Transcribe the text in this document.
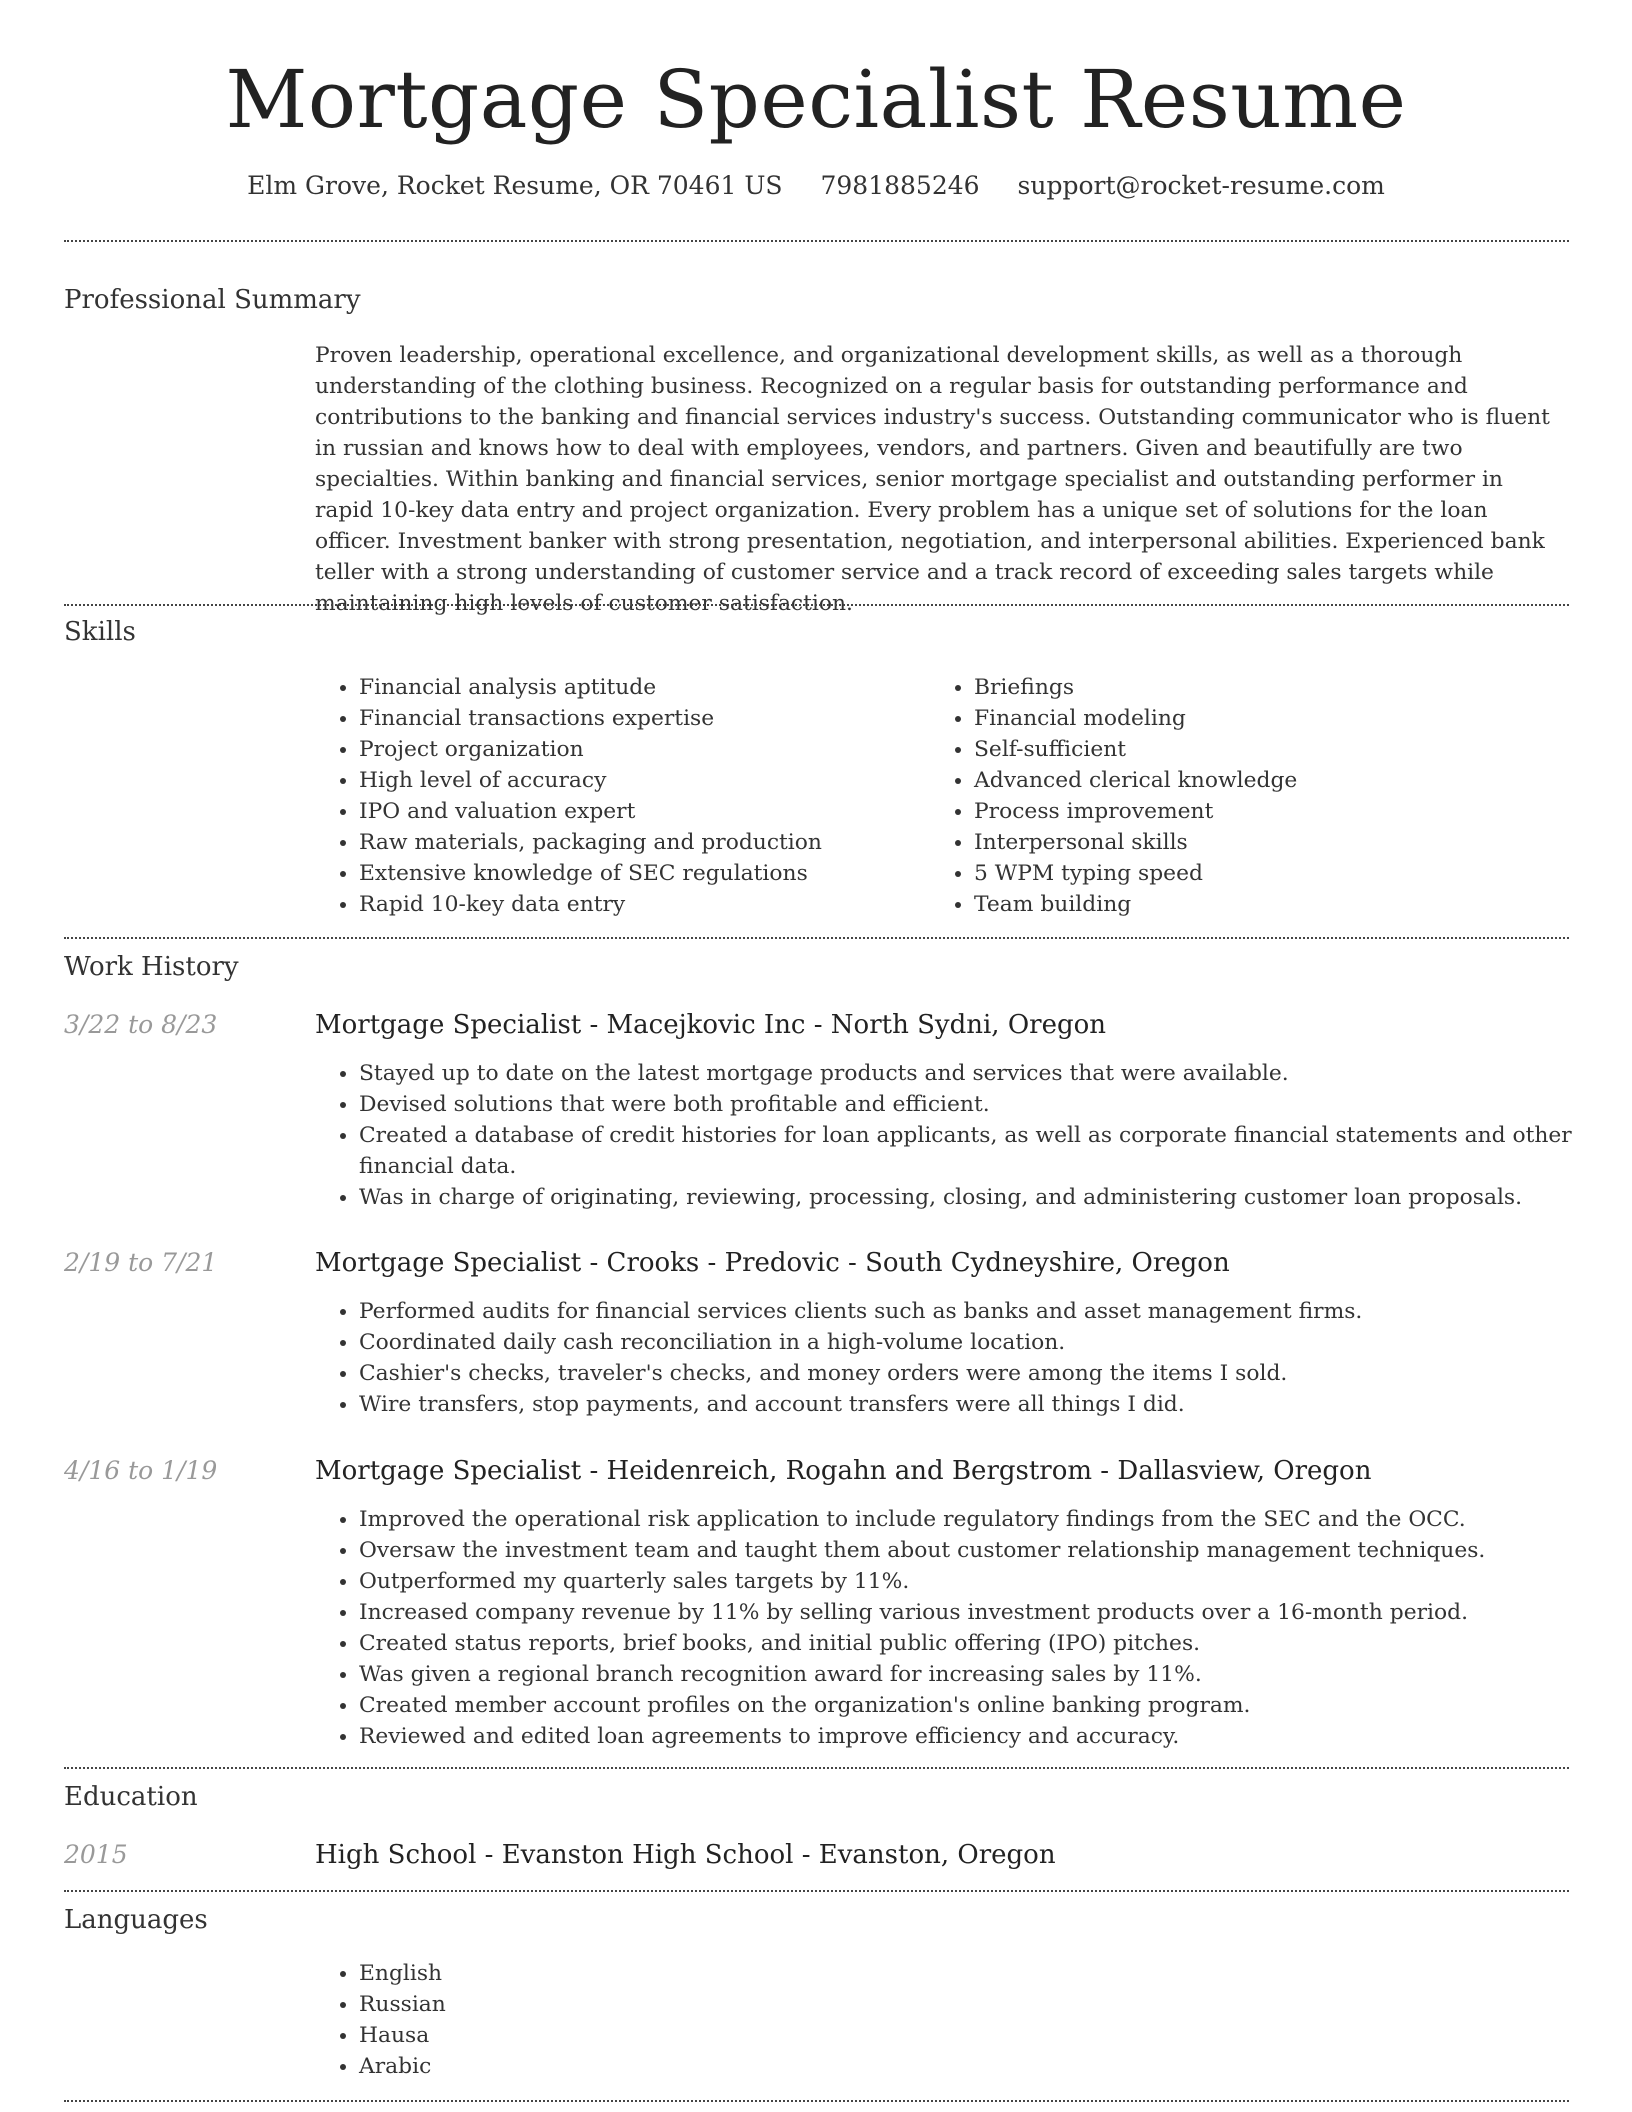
Mortgage Specialist Resume
Elm Grove, Rocket Resume, OR 70461 US 7981885246 support@rocket-resume.com
Professional Summary
Proven leadership, operational excellence, and organizational development skills, as well as a thorough understanding of the clothing business. Recognized on a regular basis for outstanding performance and contributions to the banking and financial services industry's success. Outstanding communicator who is fluent in russian and knows how to deal with employees, vendors, and partners. Given and beautifully are two specialties. Within banking and financial services, senior mortgage specialist and outstanding performer in rapid 10-key data entry and project organization. Every problem has a unique set of solutions for the loan officer. Investment banker with strong presentation, negotiation, and interpersonal abilities. Experienced bank teller with a strong understanding of customer service and a track record of exceeding sales targets while maintaining high levels of customer satisfaction.
Skills
• Financial analysis aptitude
• Financial transactions expertise
• Project organization
• High level of accuracy
• IPO and valuation expert
• Raw materials, packaging and production
• Extensive knowledge of SEC regulations
• Rapid 10-key data entry
• Briefings
• Financial modeling
• Self-sufficient
• Advanced clerical knowledge
• Process improvement
• Interpersonal skills
• 5 WPM typing speed
• Team building
Work History
3/22 to 8/23	Mortgage Specialist - Macejkovic Inc - North Sydni, Oregon
• Stayed up to date on the latest mortgage products and services that were available.
• Devised solutions that were both profitable and efficient.
• Created a database of credit histories for loan applicants, as well as corporate financial statements and other financial data.
• Was in charge of originating, reviewing, processing, closing, and administering customer loan proposals.
2/19 to 7/21	Mortgage Specialist - Crooks - Predovic - South Cydneyshire, Oregon
• Performed audits for financial services clients such as banks and asset management firms.
• Coordinated daily cash reconciliation in a high-volume location.
• Cashier's checks, traveler's checks, and money orders were among the items I sold.
• Wire transfers, stop payments, and account transfers were all things I did.
4/16 to 1/19	Mortgage Specialist - Heidenreich, Rogahn and Bergstrom - Dallasview, Oregon
• Improved the operational risk application to include regulatory findings from the SEC and the OCC.
• Oversaw the investment team and taught them about customer relationship management techniques.
• Outperformed my quarterly sales targets by 11%.
• Increased company revenue by 11% by selling various investment products over a 16-month period.
• Created status reports, brief books, and initial public offering (IPO) pitches.
• Was given a regional branch recognition award for increasing sales by 11%.
• Created member account profiles on the organization's online banking program.
• Reviewed and edited loan agreements to improve efficiency and accuracy.
Education
2015	High School - Evanston High School - Evanston, Oregon
Languages
• English
• Russian
• Hausa
• Arabic
